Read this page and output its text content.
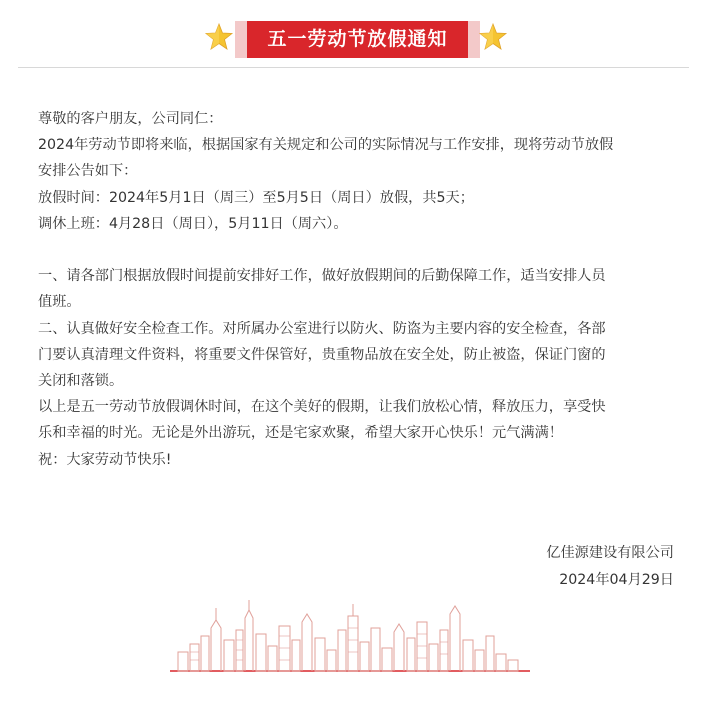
五一劳动节放假通知

尊敬的客户朋友，公司同仁：

2024年劳动节即将来临，根据国家有关规定和公司的实际情况与工作安排，现将劳动节放假

安排公告如下：

放假时间：2024年5月1日（周三）至5月5日（周日）放假，共5天；

调休上班：4月28日（周日），5月11日（周六）。

一、请各部门根据放假时间提前安排好工作，做好放假期间的后勤保障工作，适当安排人员

值班。

二、认真做好安全检查工作。对所属办公室进行以防火、防盗为主要内容的安全检查，各部

门要认真清理文件资料，将重要文件保管好，贵重物品放在安全处，防止被盗，保证门窗的

关闭和落锁。

以上是五一劳动节放假调休时间，在这个美好的假期，让我们放松心情，释放压力，享受快

乐和幸福的时光。无论是外出游玩，还是宅家欢聚，希望大家开心快乐！元气满满！

祝：大家劳动节快乐!

亿佳源建设有限公司
2024年04月29日
